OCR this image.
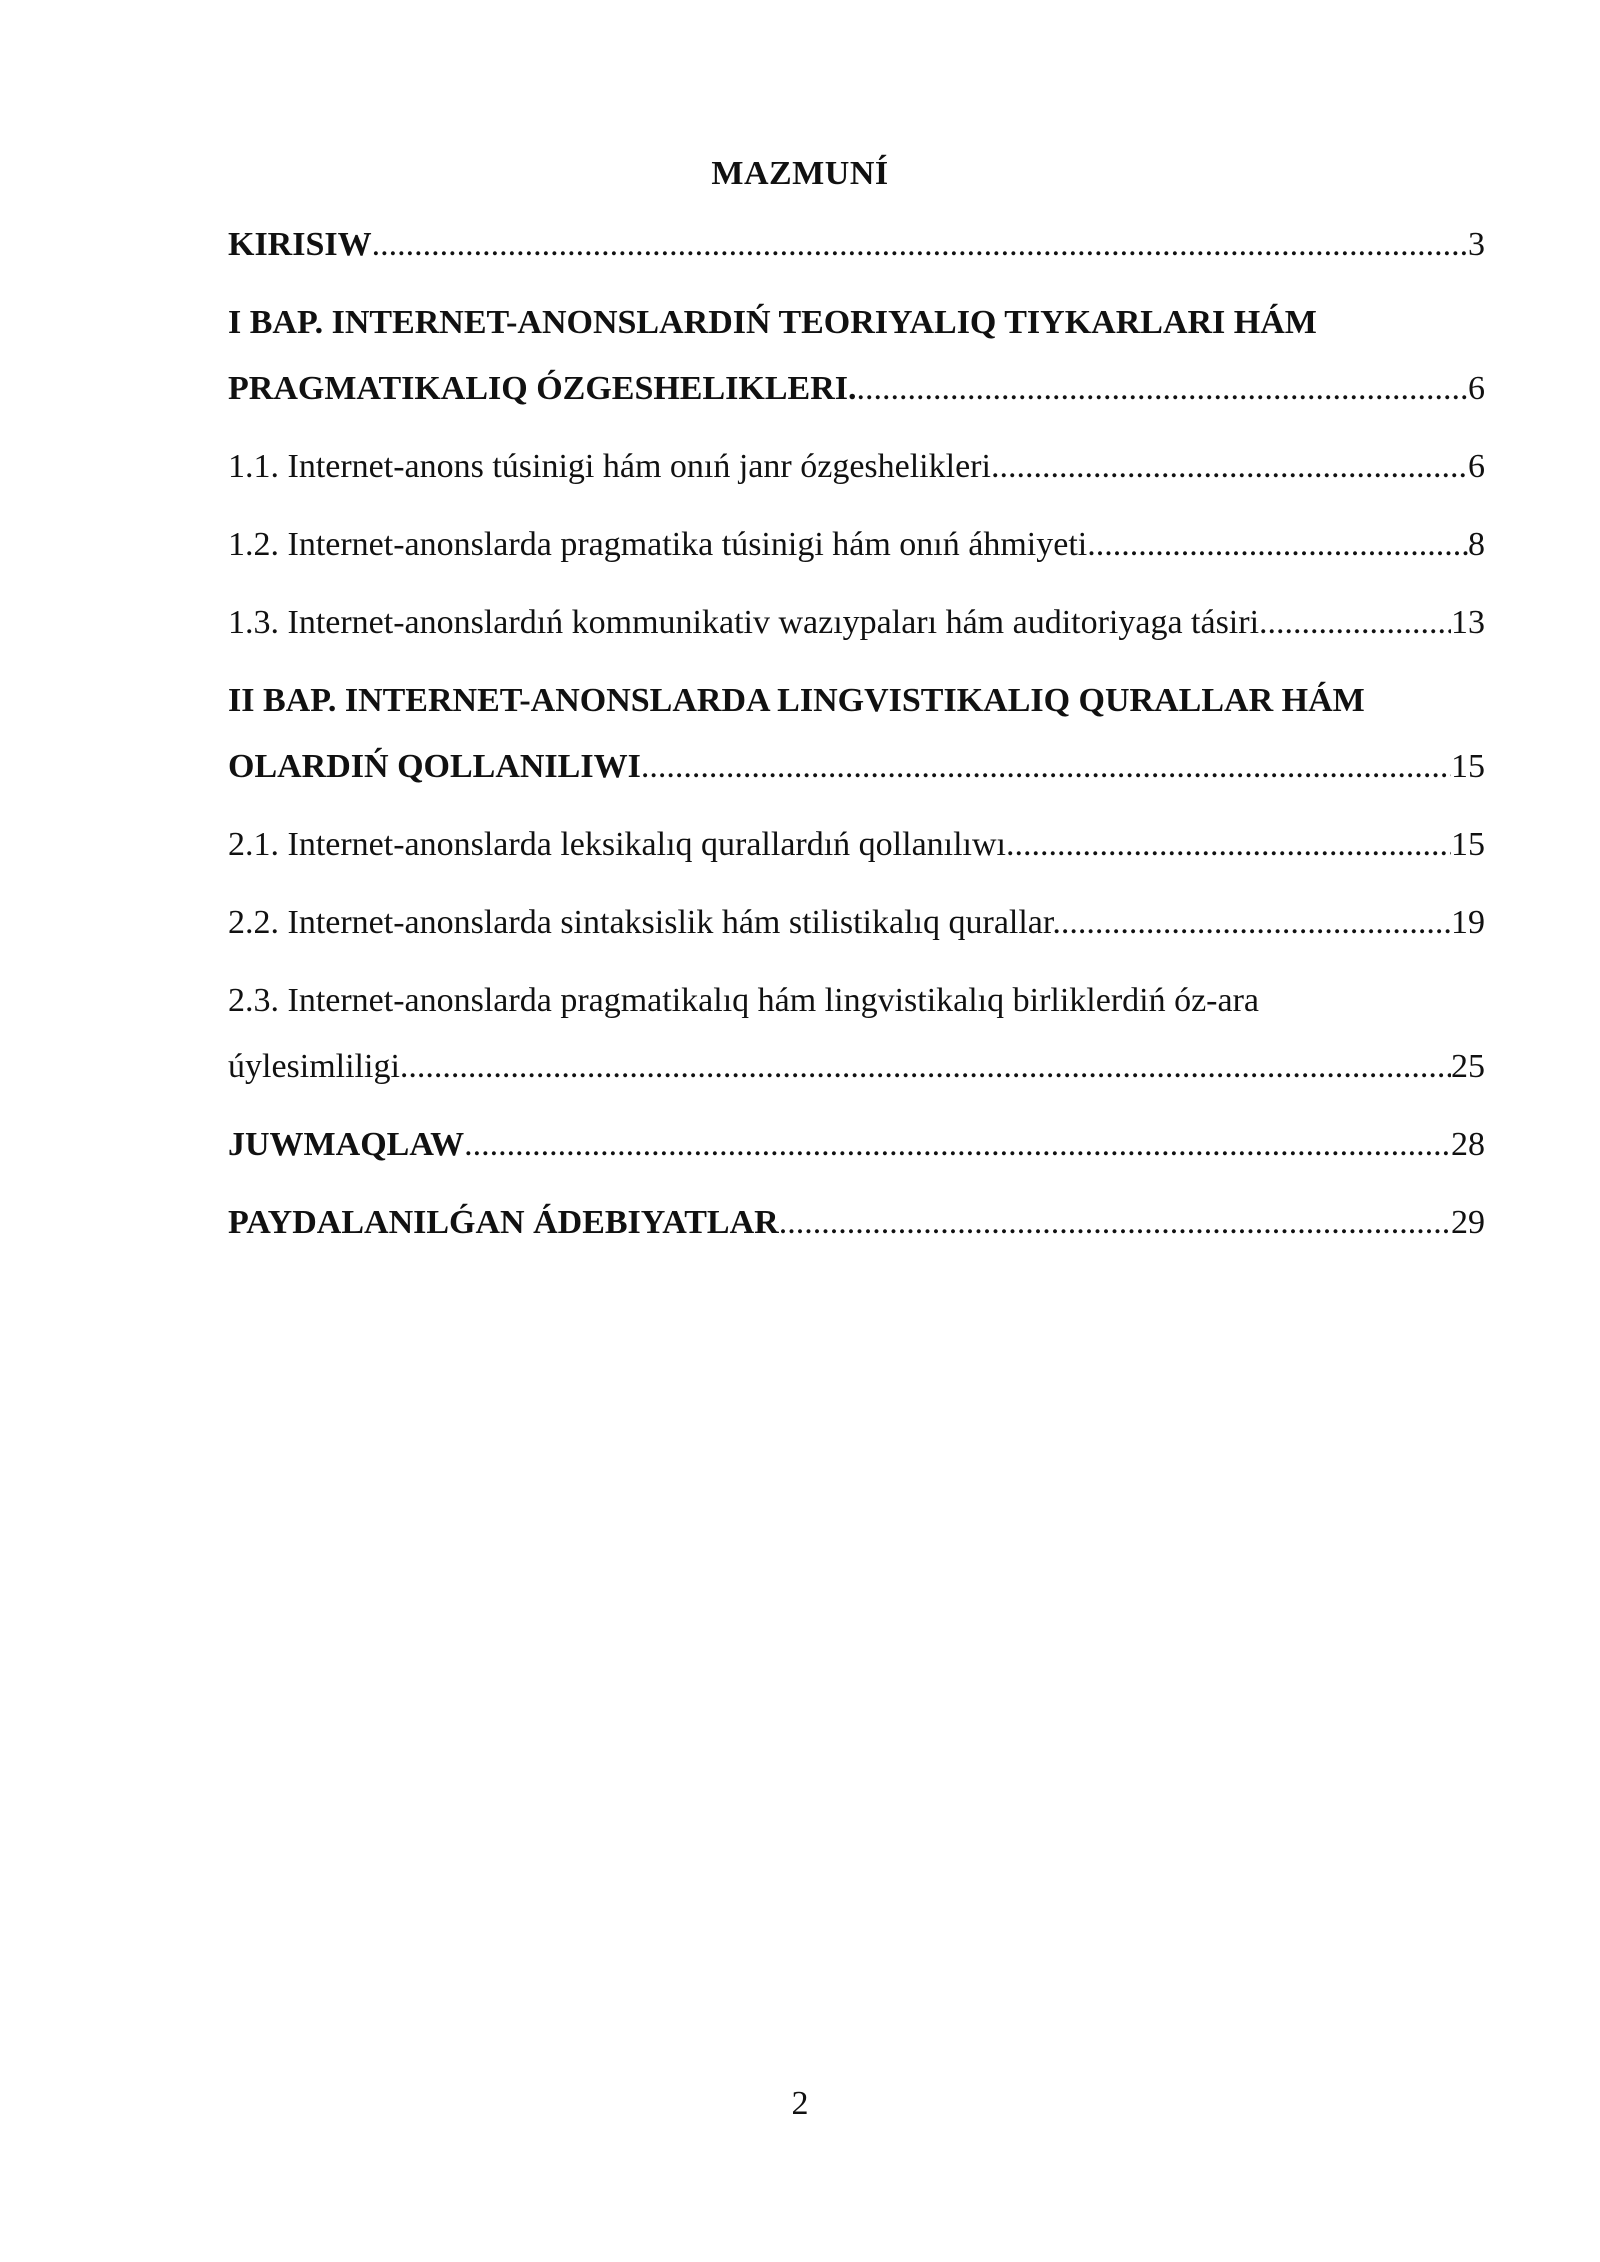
MAZMUNÍ
KIRISIW .....	3
I BAP. INTERNET-ANONSLARDIŃ TEORIYALIQ TIYKARLARI HÁM
PRAGMATIKALIQ ÓZGESHELIKLERI. .....	6
1.1. Internet-anons túsinigi hám onıń janr ózgeshelikleri .....	6
1.2. Internet-anonslarda pragmatika túsinigi hám onıń áhmiyeti. .....	8
1.3. Internet-anonslardıń kommunikativ wazıypaları hám auditoriyaga tásiri .....	13
II BAP. INTERNET-ANONSLARDA LINGVISTIKALIQ QURALLAR HÁM
OLARDIŃ QOLLANILIWI .....	15
2.1. Internet-anonslarda leksikalıq qurallardıń qollanılıwı .....	15
2.2. Internet-anonslarda sintaksislik hám stilistikalıq qurallar. .....	19
2.3. Internet-anonslarda pragmatikalıq hám lingvistikalıq birliklerdiń óz-ara
úylesimliligi .....	25
JUWMAQLAW .....	28
PAYDALANILǴAN ÁDEBIYATLAR .....	29
2
